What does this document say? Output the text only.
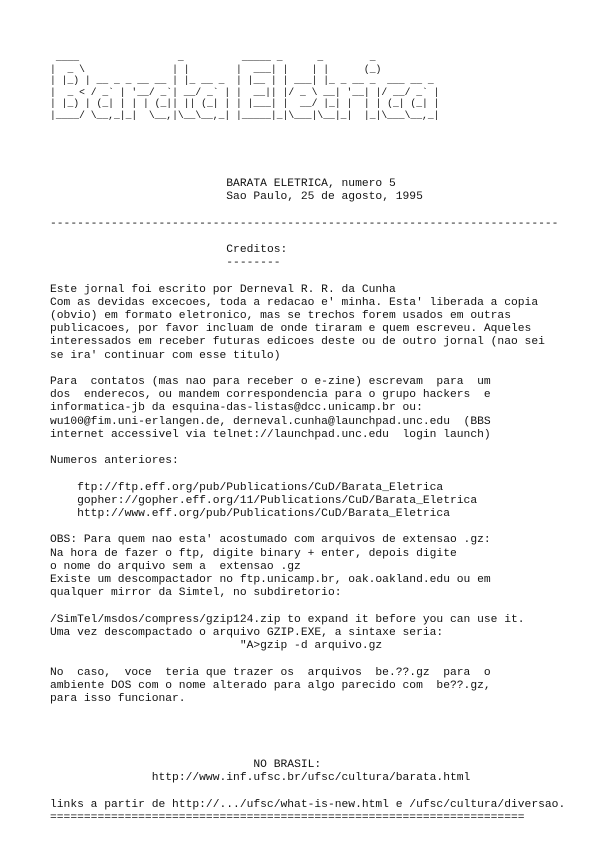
____                 _          _____ _      _        _
|  _ \               | |        |  ___| |    | |      (_)
| |_) | __ _ _ __ __ | |_ __ _  | |__ | | ___| |_ _ __ _  ___ __ _
|  _ < / _` | '__/ _`| __/ _` | |  __|| |/ _ \ __| '__| |/ __/ _` |
| |_) | (_| | | | (_|| || (_| | | |___| |  __/ |_| |  | | (_| (_| |
|____/ \__,_|_|  \__,|\__\__,_| |_____|_|\___|\__|_|  |_|\___\__,_|
BARATA ELETRICA, numero 5
Sao Paulo, 25 de agosto, 1995

---------------------------------------------------------------------------

Creditos:
--------

Este jornal foi escrito por Derneval R. R. da Cunha
Com as devidas excecoes, toda a redacao e' minha. Esta' liberada a copia
(obvio) em formato eletronico, mas se trechos forem usados em outras
publicacoes, por favor incluam de onde tiraram e quem escreveu. Aqueles
interessados em receber futuras edicoes deste ou de outro jornal (nao sei
se ira' continuar com esse titulo)

Para  contatos (mas nao para receber o e-zine) escrevam  para  um
dos  enderecos, ou mandem correspondencia para o grupo hackers  e
informatica-jb da esquina-das-listas@dcc.unicamp.br ou:
wu100@fim.uni-erlangen.de, derneval.cunha@launchpad.unc.edu  (BBS
internet accessivel via telnet://launchpad.unc.edu  login launch)

Numeros anteriores:

ftp://ftp.eff.org/pub/Publications/CuD/Barata_Eletrica
gopher://gopher.eff.org/11/Publications/CuD/Barata_Eletrica
http://www.eff.org/pub/Publications/CuD/Barata_Eletrica

OBS: Para quem nao esta' acostumado com arquivos de extensao .gz:
Na hora de fazer o ftp, digite binary + enter, depois digite
o nome do arquivo sem a  extensao .gz
Existe um descompactador no ftp.unicamp.br, oak.oakland.edu ou em
qualquer mirror da Simtel, no subdiretorio:

/SimTel/msdos/compress/gzip124.zip to expand it before you can use it.
Uma vez descompactado o arquivo GZIP.EXE, a sintaxe seria:
"A>gzip -d arquivo.gz

No  caso,  voce  teria que trazer os  arquivos  be.??.gz  para  o
ambiente DOS com o nome alterado para algo parecido com  be??.gz,
para isso funcionar.

NO BRASIL:
http://www.inf.ufsc.br/ufsc/cultura/barata.html

links a partir de http://.../ufsc/what-is-new.html e /ufsc/cultura/diversao.
======================================================================
